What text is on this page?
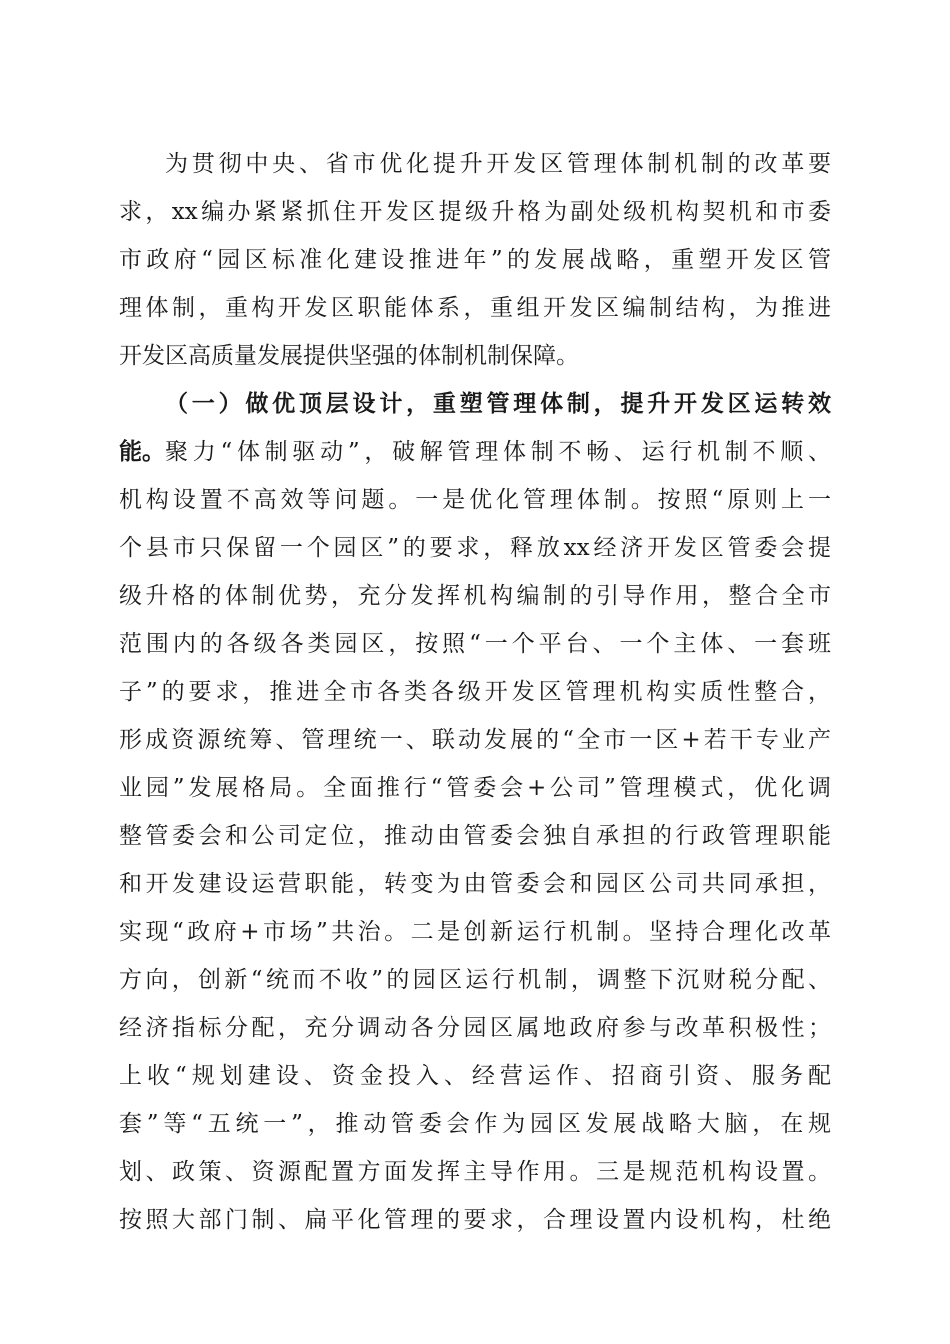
为贯彻中央、省市优化提升开发区管理体制机制的改革要
求，xx编办紧紧抓住开发区提级升格为副处级机构契机和市委
市政府“园区标准化建设推进年”的发展战略，重塑开发区管
理体制，重构开发区职能体系，重组开发区编制结构，为推进
开发区高质量发展提供坚强的体制机制保障。
（一）做优顶层设计，重塑管理体制，提升开发区运转效
能。 聚力“体制驱动”，破解管理体制不畅、运行机制不顺、
机构设置不高效等问题。一是优化管理体制。按照“原则上一
个县市只保留一个园区”的要求，释放xx经济开发区管委会提
级升格的体制优势，充分发挥机构编制的引导作用，整合全市
范围内的各级各类园区，按照“一个平台、一个主体、一套班
子”的要求，推进全市各类各级开发区管理机构实质性整合，
形成资源统筹、管理统一、联动发展的“全市一区+若干专业产
业园”发展格局。全面推行“管委会+公司”管理模式，优化调
整管委会和公司定位，推动由管委会独自承担的行政管理职能
和开发建设运营职能，转变为由管委会和园区公司共同承担，
实现“政府+市场”共治。二是创新运行机制。坚持合理化改革
方向，创新“统而不收”的园区运行机制，调整下沉财税分配、
经济指标分配，充分调动各分园区属地政府参与改革积极性；
上收“规划建设、资金投入、经营运作、招商引资、服务配
套”等“五统一”，推动管委会作为园区发展战略大脑，在规
划、政策、资源配置方面发挥主导作用。三是规范机构设置。
按照大部门制、扁平化管理的要求，合理设置内设机构，杜绝
